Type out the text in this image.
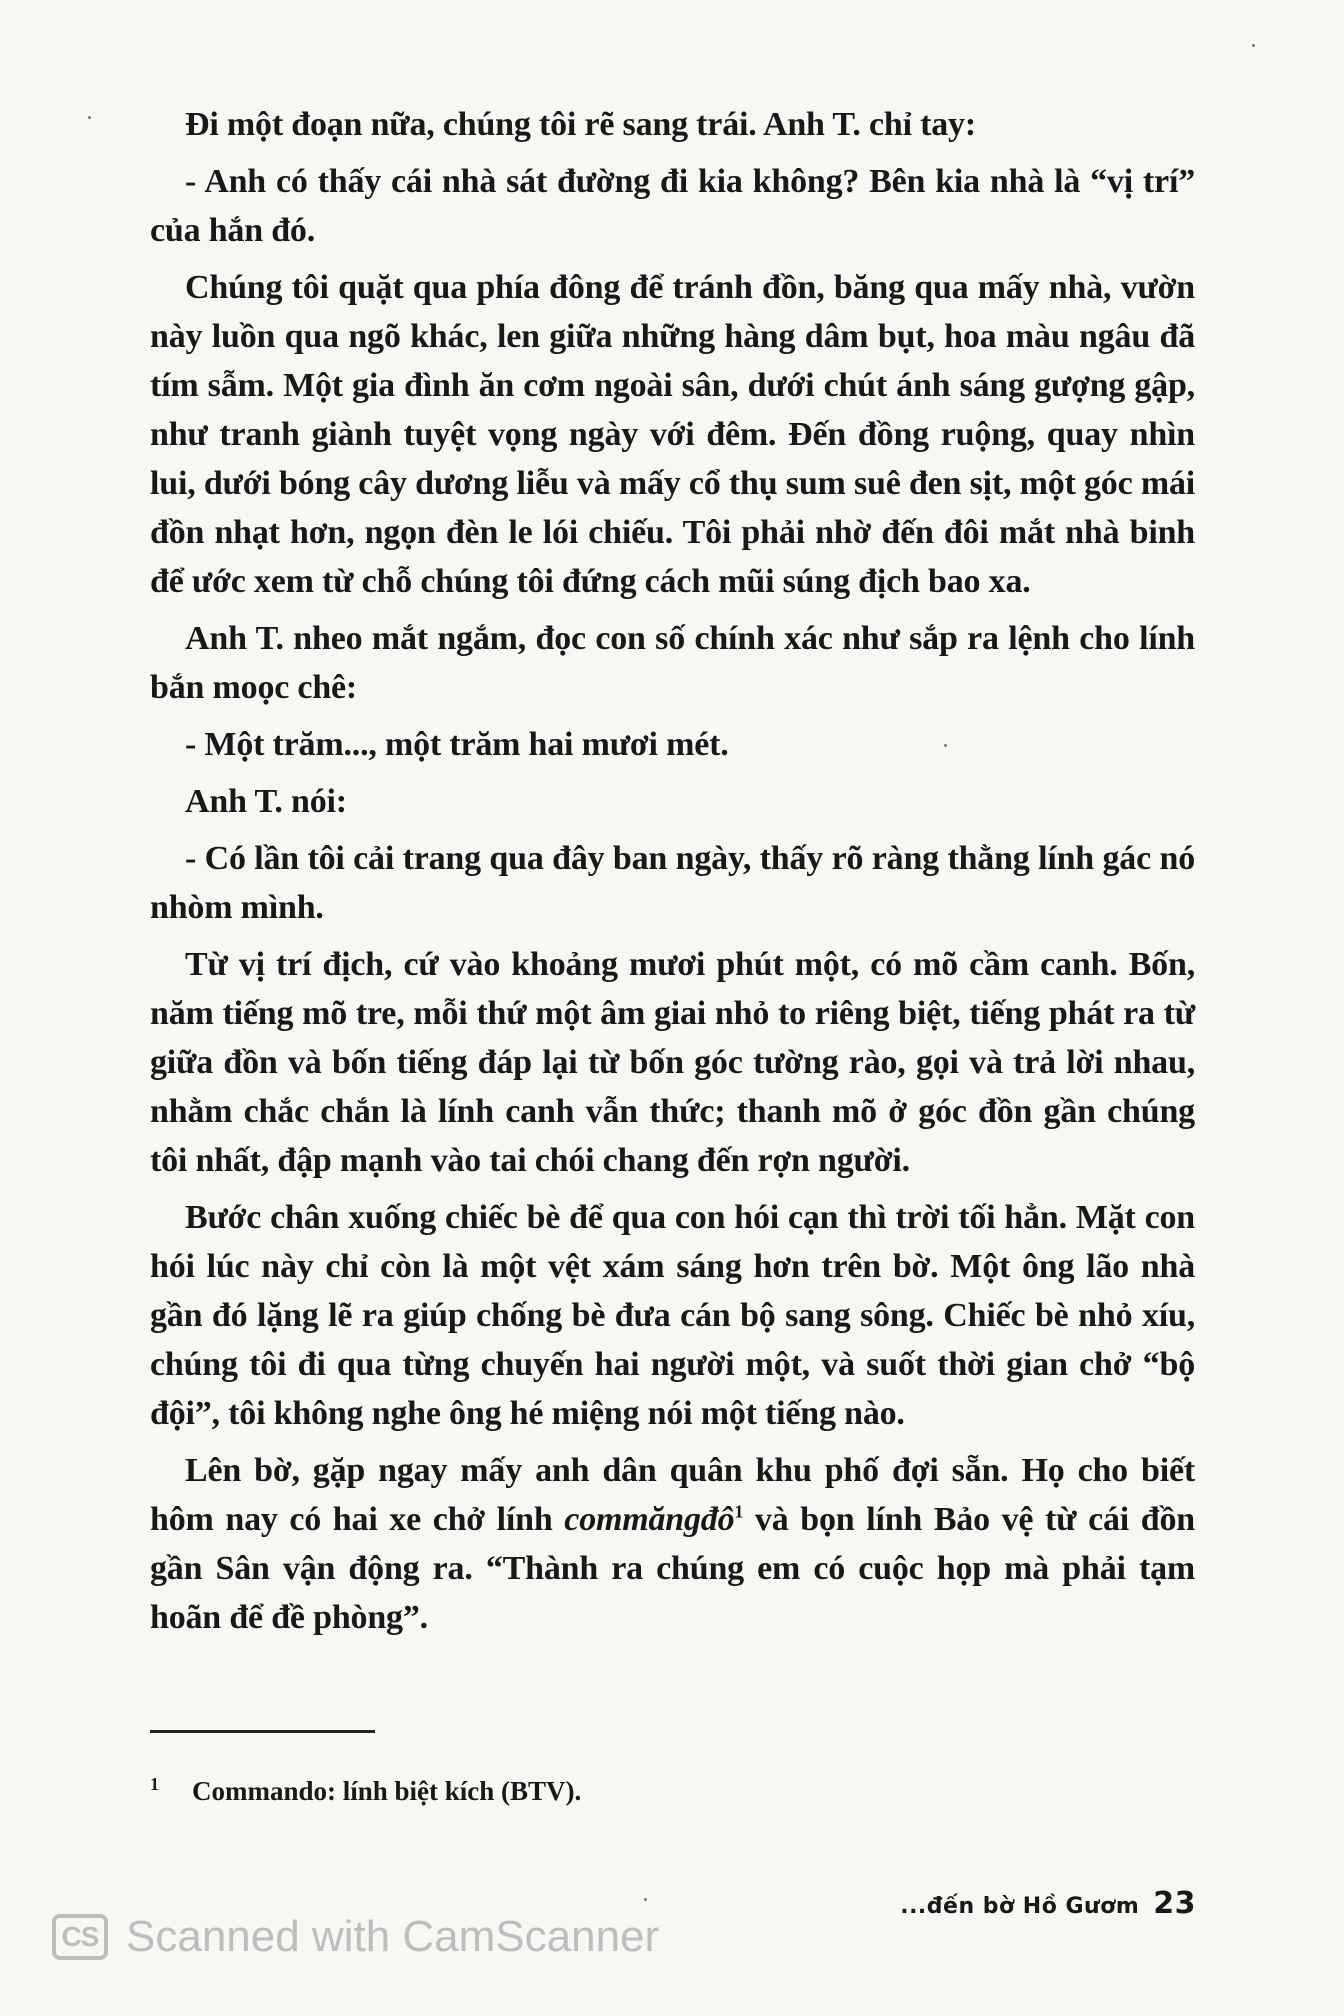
Đi một đoạn nữa, chúng tôi rẽ sang trái. Anh T. chỉ tay:

- Anh có thấy cái nhà sát đường đi kia không? Bên kia nhà là “vị trí” của hắn đó.

Chúng tôi quặt qua phía đông để tránh đồn, băng qua mấy nhà, vườn này luồn qua ngõ khác, len giữa những hàng dâm bụt, hoa màu ngâu đã tím sẫm. Một gia đình ăn cơm ngoài sân, dưới chút ánh sáng gượng gập, như tranh giành tuyệt vọng ngày với đêm. Đến đồng ruộng, quay nhìn lui, dưới bóng cây dương liễu và mấy cổ thụ sum suê đen sịt, một góc mái đồn nhạt hơn, ngọn đèn le lói chiếu. Tôi phải nhờ đến đôi mắt nhà binh để ước xem từ chỗ chúng tôi đứng cách mũi súng địch bao xa.

Anh T. nheo mắt ngắm, đọc con số chính xác như sắp ra lệnh cho lính bắn moọc chê:

- Một trăm..., một trăm hai mươi mét.

Anh T. nói:

- Có lần tôi cải trang qua đây ban ngày, thấy rõ ràng thằng lính gác nó nhòm mình.

Từ vị trí địch, cứ vào khoảng mươi phút một, có mõ cầm canh. Bốn, năm tiếng mõ tre, mỗi thứ một âm giai nhỏ to riêng biệt, tiếng phát ra từ giữa đồn và bốn tiếng đáp lại từ bốn góc tường rào, gọi và trả lời nhau, nhằm chắc chắn là lính canh vẫn thức; thanh mõ ở góc đồn gần chúng tôi nhất, đập mạnh vào tai chói chang đến rợn người.

Bước chân xuống chiếc bè để qua con hói cạn thì trời tối hẳn. Mặt con hói lúc này chỉ còn là một vệt xám sáng hơn trên bờ. Một ông lão nhà gần đó lặng lẽ ra giúp chống bè đưa cán bộ sang sông. Chiếc bè nhỏ xíu, chúng tôi đi qua từng chuyến hai người một, và suốt thời gian chở “bộ đội”, tôi không nghe ông hé miệng nói một tiếng nào.

Lên bờ, gặp ngay mấy anh dân quân khu phố đợi sẵn. Họ cho biết hôm nay có hai xe chở lính commăngđô$^1$ và bọn lính Bảo vệ từ cái đồn gần Sân vận động ra. “Thành ra chúng em có cuộc họp mà phải tạm hoãn để đề phòng”.

$^1$ Commando: lính biệt kích (BTV).
...đến bờ Hồ Gươm 23
CS Scanned with CamScanner
